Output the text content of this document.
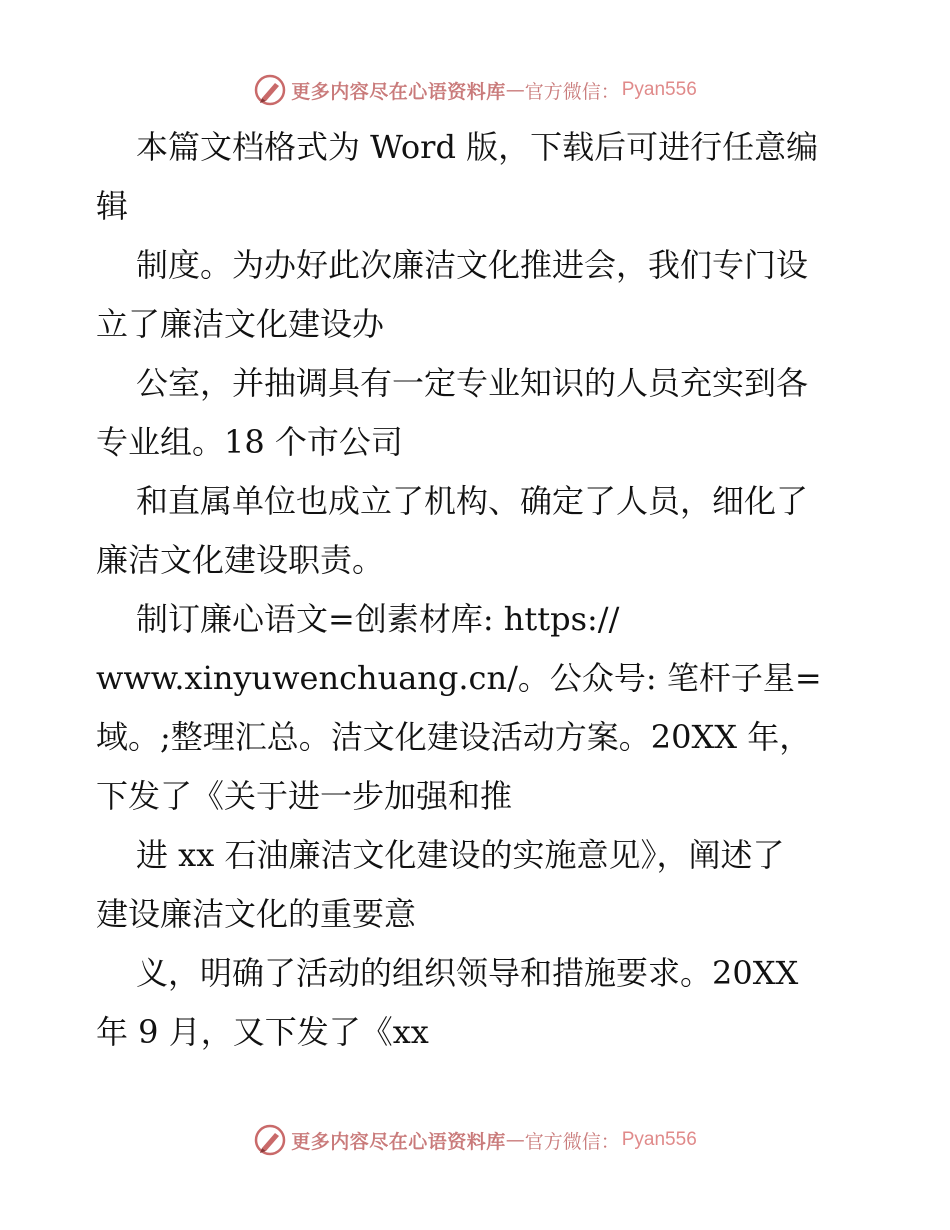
更多内容尽在心语资料库 — 官方微信： Pyan556

本篇文档格式为 Word 版，下载后可进行任意编

辑

制度。为办好此次廉洁文化推进会，我们专门设

立了廉洁文化建设办

公室，并抽调具有一定专业知识的人员充实到各

专业组。18 个市公司

和直属单位也成立了机构、确定了人员，细化了

廉洁文化建设职责。

制订廉心语文=创素材库: https://

www.xinyuwenchuang.cn/。公众号: 笔杆子星=

域。;整理汇总。洁文化建设活动方案。20XX 年，

下发了《关于进一步加强和推

进 xx 石油廉洁文化建设的实施意见》，阐述了

建设廉洁文化的重要意

义，明确了活动的组织领导和措施要求。20XX

年 9 月，又下发了《xx

更多内容尽在心语资料库 — 官方微信： Pyan556
